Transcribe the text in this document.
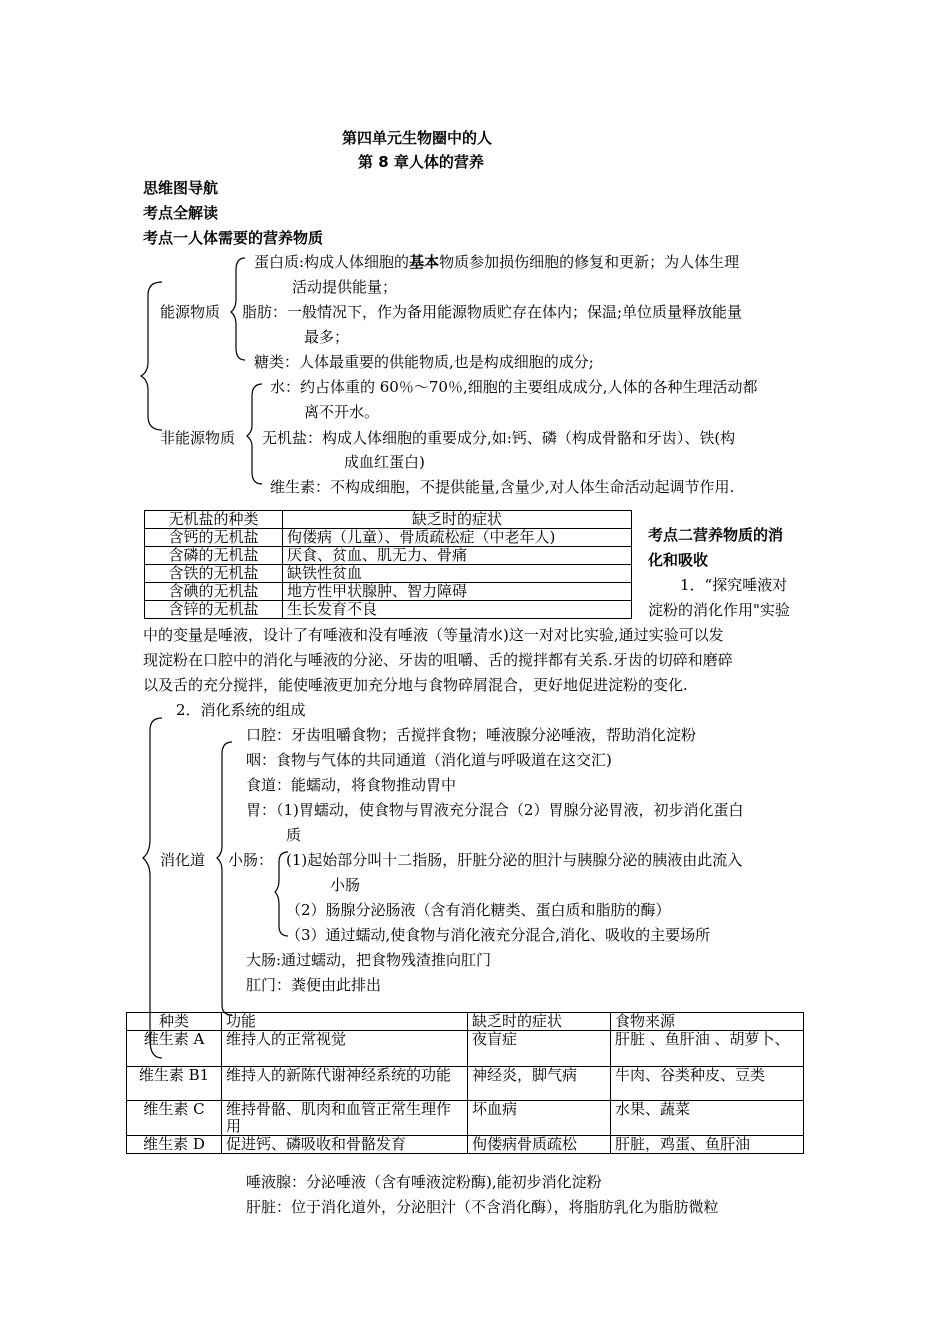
第四单元生物圈中的人
第 8 章人体的营养
思维图导航
考点全解读
考点一人体需要的营养物质
能源物质
蛋白质:构成人体细胞的基本物质参加损伤细胞的修复和更新；为人体生理
活动提供能量；
脂肪：一般情况下，作为备用能源物质贮存在体内；保温;单位质量释放能量
最多；
糖类：人体最重要的供能物质,也是构成细胞的成分;
非能源物质
水：约占体重的 60％～70％,细胞的主要组成成分,人体的各种生理活动都
离不开水。
无机盐：构成人体细胞的重要成分,如:钙、磷（构成骨骼和牙齿）、铁(构
成血红蛋白)
维生素：不构成细胞，不提供能量,含量少,对人体生命活动起调节作用.
无机盐的种类	缺乏时的症状
含钙的无机盐	佝偻病（儿童）、骨质疏松症（中老年人)
含磷的无机盐	厌食、贫血、肌无力、骨痛
含铁的无机盐	缺铁性贫血
含碘的无机盐	地方性甲状腺肿、智力障碍
含锌的无机盐	生长发育不良
考点二营养物质的消
化和吸收
1．“探究唾液对
淀粉的消化作用"实验
中的变量是唾液，设计了有唾液和没有唾液（等量清水)这一对对比实验,通过实验可以发
现淀粉在口腔中的消化与唾液的分泌、牙齿的咀嚼、舌的搅拌都有关系.牙齿的切碎和磨碎
以及舌的充分搅拌，能使唾液更加充分地与食物碎屑混合，更好地促进淀粉的变化.
2．消化系统的组成
口腔：牙齿咀嚼食物；舌搅拌食物；唾液腺分泌唾液，帮助消化淀粉
咽：食物与气体的共同通道（消化道与呼吸道在这交汇)
食道：能蠕动，将食物推动胃中
胃：（1)胃蠕动，使食物与胃液充分混合（2）胃腺分泌胃液，初步消化蛋白
质
消化道 小肠： (1)起始部分叫十二指肠，肝脏分泌的胆汁与胰腺分泌的胰液由此流入
小肠
（2）肠腺分泌肠液（含有消化糖类、蛋白质和脂肪的酶）
（3）通过蠕动,使食物与消化液充分混合,消化、吸收的主要场所
大肠:通过蠕动，把食物残渣推向肛门
肛门：粪便由此排出
种类	功能	缺乏时的症状	食物来源
维生素 A	维持人的正常视觉	夜盲症	肝脏 、鱼肝油 、胡萝卜、
维生素 B1	维持人的新陈代谢神经系统的功能	神经炎，脚气病	牛肉、谷类种皮、豆类
维生素 C	维持骨骼、肌肉和血管正常生理作用	坏血病	水果、蔬菜
维生素 D	促进钙、磷吸收和骨骼发育	佝偻病骨质疏松	肝脏，鸡蛋、鱼肝油
唾液腺：分泌唾液（含有唾液淀粉酶),能初步消化淀粉
肝脏：位于消化道外，分泌胆汁（不含消化酶），将脂肪乳化为脂肪微粒
